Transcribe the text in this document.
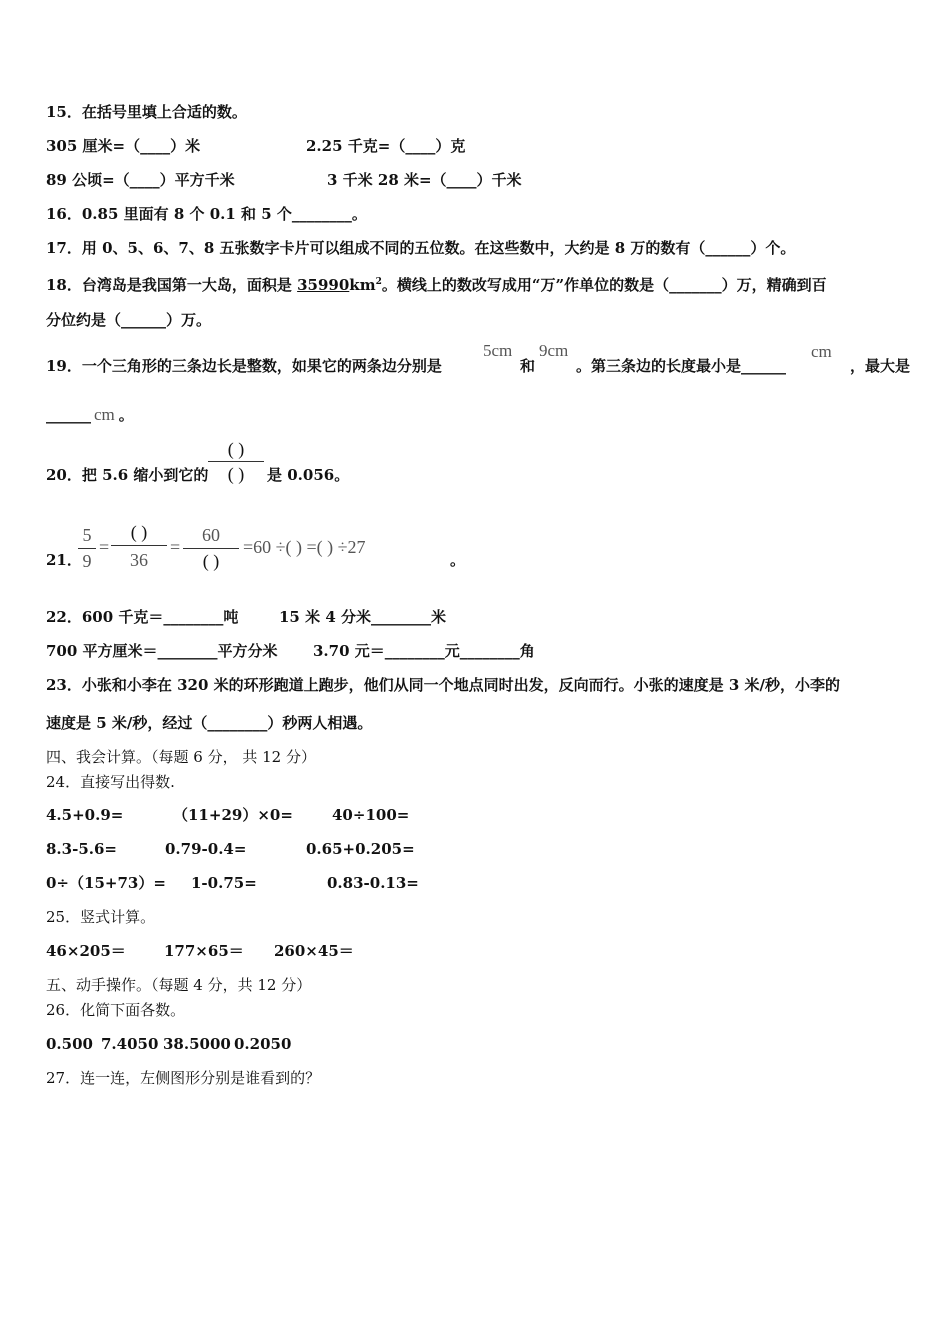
15．在括号里填上合适的数。
305 厘米=（____）米	2.25 千克=（____）克
89 公顷=（____）平方千米	3 千米 28 米=（____）千米
16．0.85 里面有 8 个 0.1 和 5 个________。
17．用 0、5、6、7、8 五张数字卡片可以组成不同的五位数。在这些数中，大约是 8 万的数有（______）个。
18．台湾岛是我国第一大岛，面积是 $35990km^2$。横线上的数改写成用“万”作单位的数是（_______）万，精确到百
分位约是（______）万。
19．一个三角形的三条边长是整数，如果它的两条边分别是
5cm
和
9cm
。第三条边的长度最小是______
cm
，最大是
______ cm 。
20．把 5.6 缩小到它的
( )
( )	是 0.056。
21．
$\frac{5}{9}$ =
( )
36
=
60
( )
=60 ÷( ) =( ) ÷27
。
22．600 千克＝________吨	15 米 4 分米________米
700 平方厘米＝________平方分米 3.70 元＝________元________角
23．小张和小李在 320 米的环形跑道上跑步，他们从同一个地点同时出发，反向而行。小张的速度是 3 米/秒，小李的
速度是 5 米/秒，经过（________）秒两人相遇。
四、我会计算。（每题 6 分， 共 12 分）
24．直接写出得数.
4.5+0.9=	（11+29）×0=	40÷100=
8.3-5.6=	0.79-0.4=	0.65+0.205=
0÷（15+73）= 1-0.75=	0.83-0.13=
25．竖式计算。
46×205＝	177×65＝ 260×45＝
五、动手操作。（每题 4 分，共 12 分）
26．化简下面各数。
0.500 7.4050 38.5000 0.2050
27．连一连，左侧图形分别是谁看到的？
